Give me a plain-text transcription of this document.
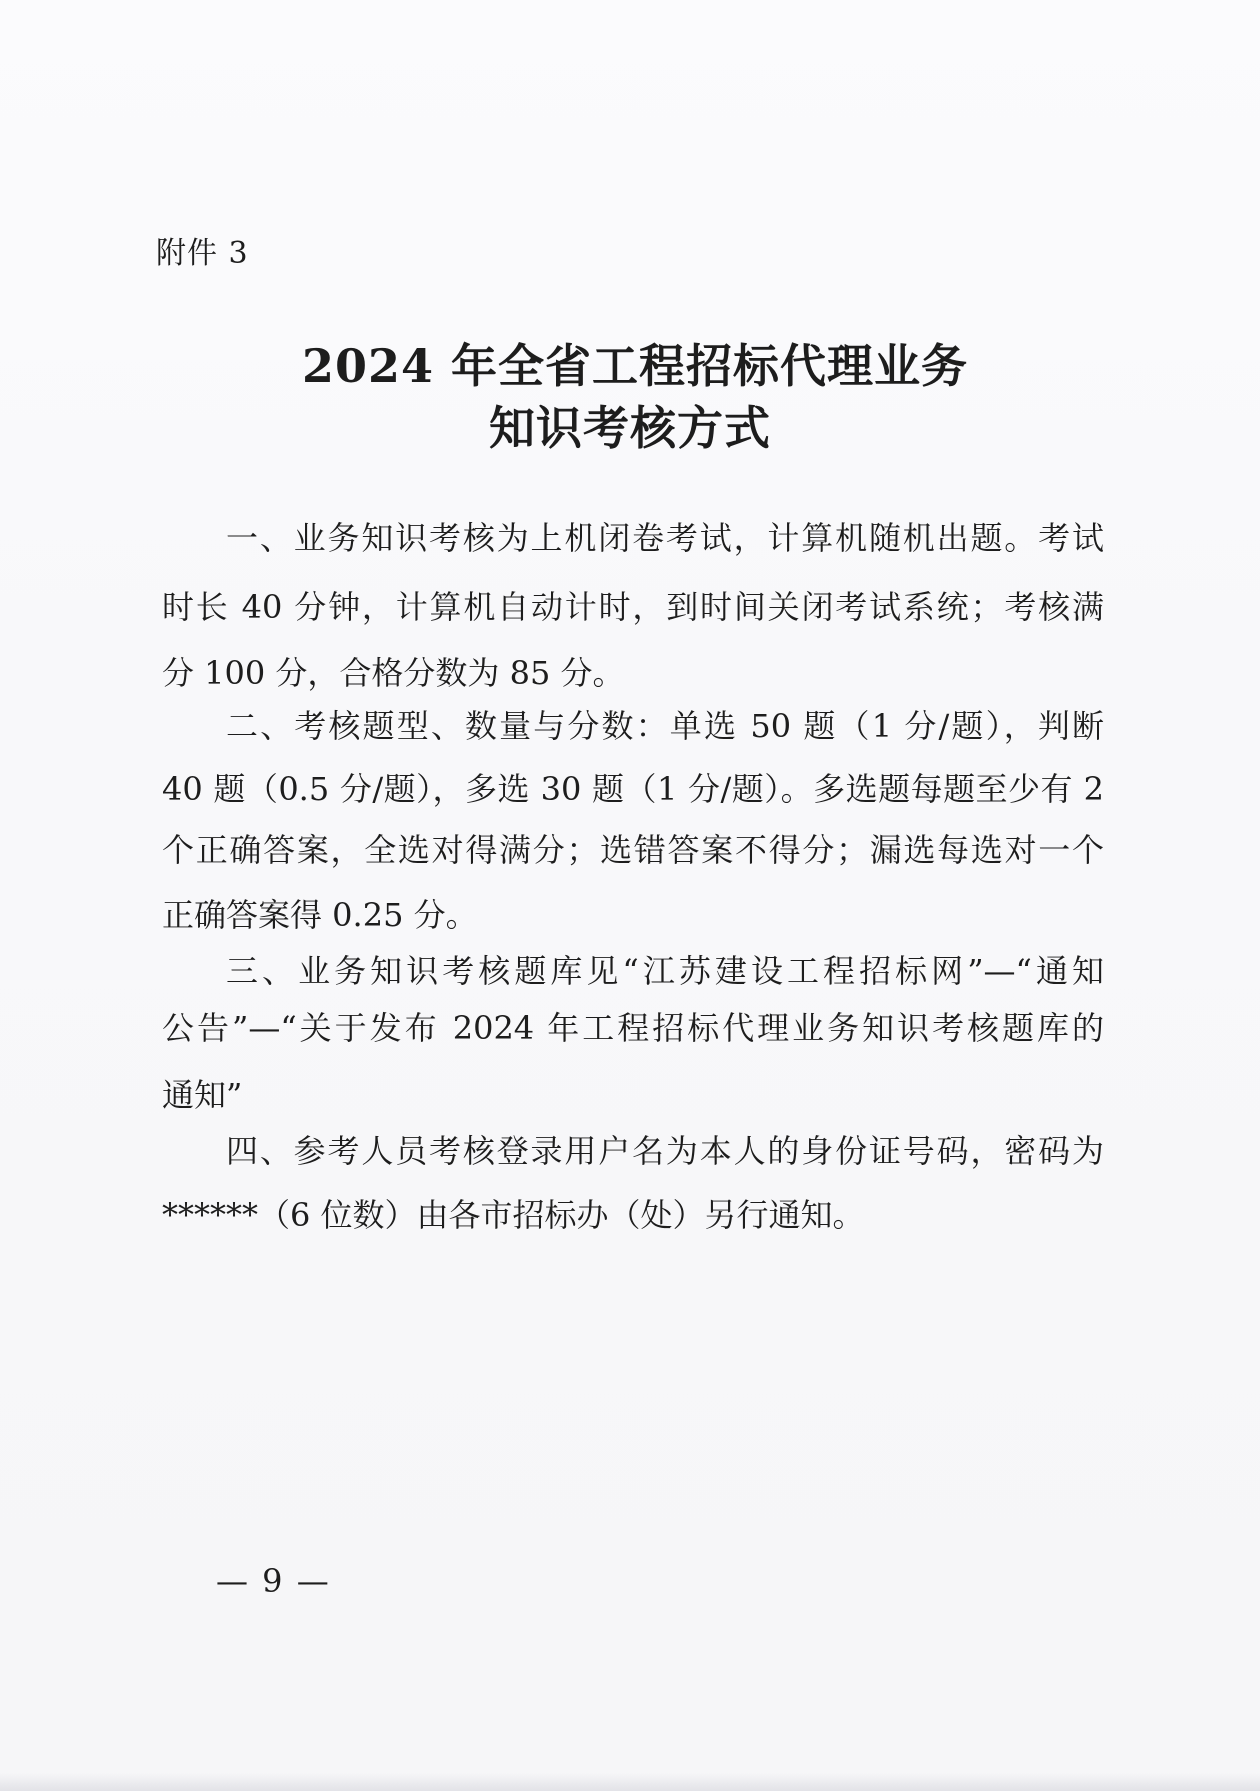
附件 3
2024 年全省工程招标代理业务
知识考核方式
一、业务知识考核为上机闭卷考试，计算机随机出题。考试
时长 40 分钟，计算机自动计时，到时间关闭考试系统；考核满
分 100 分，合格分数为 85 分。
二、考核题型、数量与分数：单选 50 题（1 分/题），判断
40 题（0.5 分/题），多选 30 题（1 分/题）。多选题每题至少有 2
个正确答案，全选对得满分；选错答案不得分；漏选每选对一个
正确答案得 0.25 分。
三、业务知识考核题库见“江苏建设工程招标网”—“通知
公告”—“关于发布 2024 年工程招标代理业务知识考核题库的
通知”
四、参考人员考核登录用户名为本人的身份证号码，密码为
******（6 位数）由各市招标办（处）另行通知。
— 9 —
